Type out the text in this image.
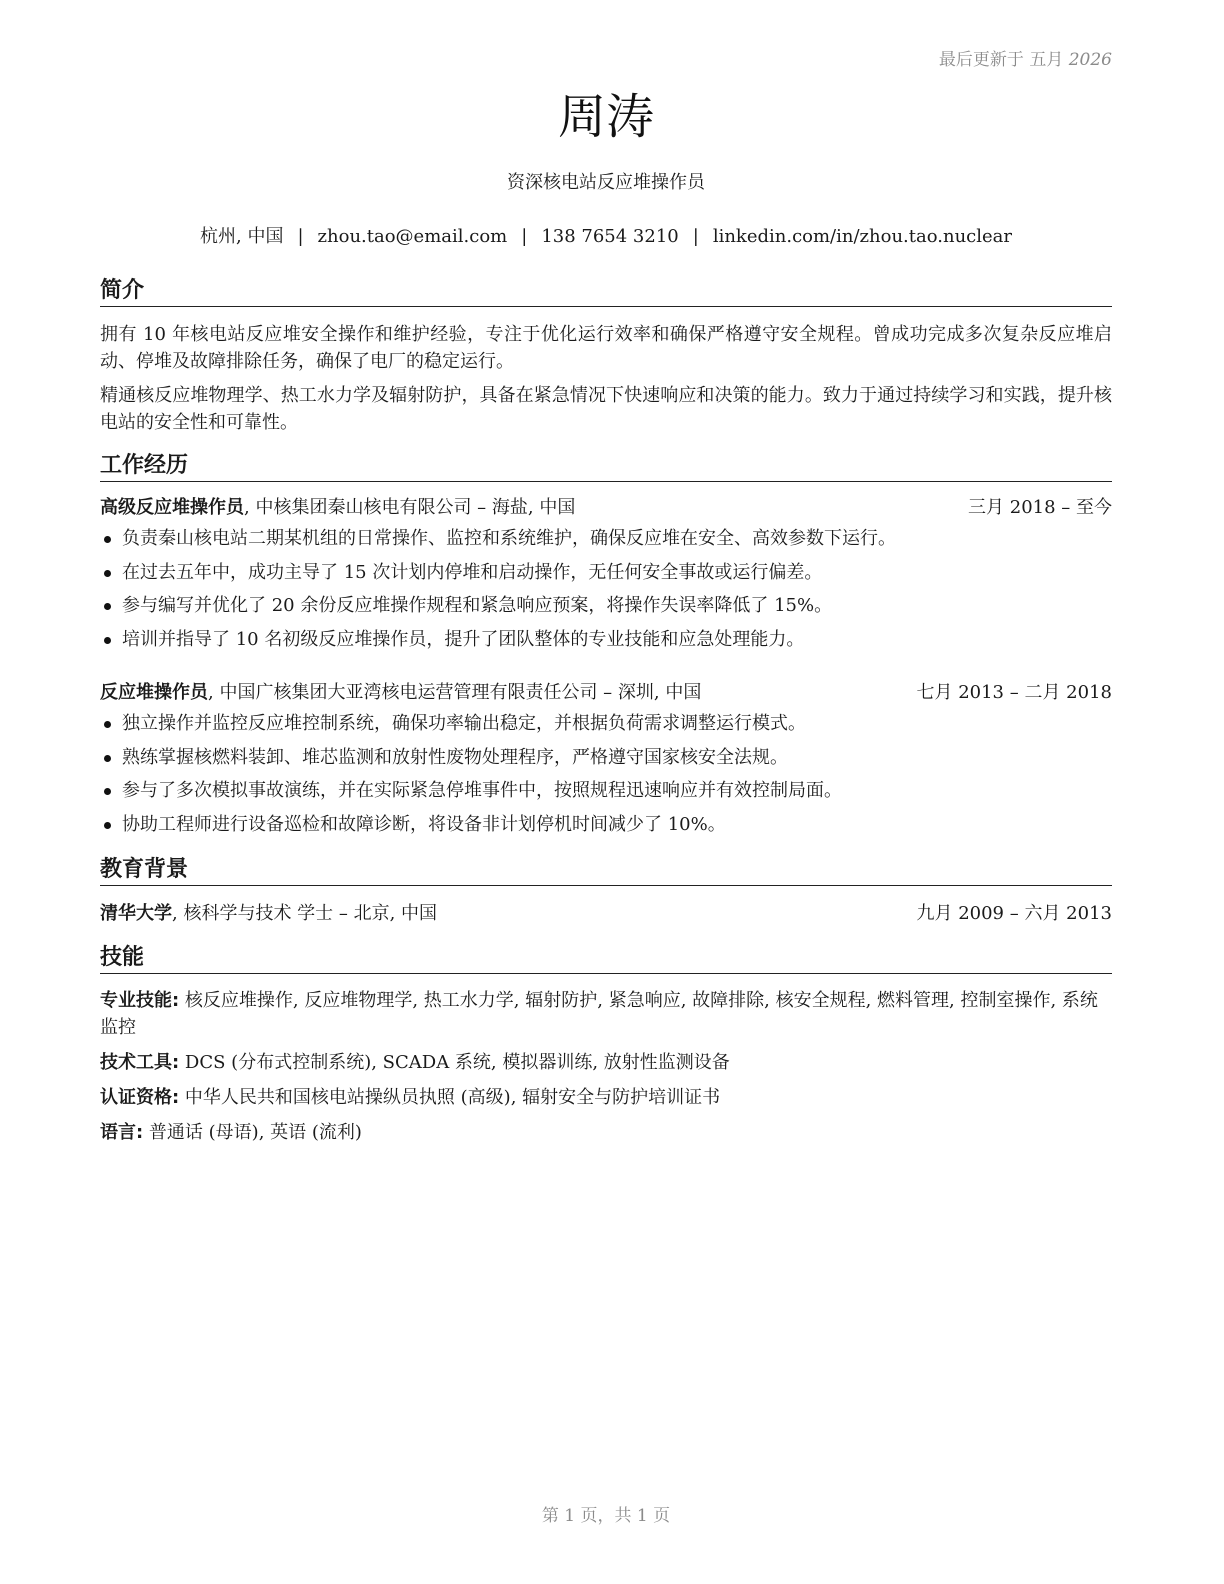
最后更新于 五月 2026
周涛
资深核电站反应堆操作员
杭州, 中国 | zhou.tao@email.com | 138 7654 3210 | linkedin.com/in/zhou.tao.nuclear
简介
拥有 10 年核电站反应堆安全操作和维护经验，专注于优化运行效率和确保严格遵守安全规程。曾成功完成多次复杂反应堆启动、停堆及故障排除任务，确保了电厂的稳定运行。
精通核反应堆物理学、热工水力学及辐射防护，具备在紧急情况下快速响应和决策的能力。致力于通过持续学习和实践，提升核电站的安全性和可靠性。
工作经历
高级反应堆操作员, 中核集团秦山核电有限公司 – 海盐, 中国	三月 2018 – 至今
负责秦山核电站二期某机组的日常操作、监控和系统维护，确保反应堆在安全、高效参数下运行。
在过去五年中，成功主导了 15 次计划内停堆和启动操作，无任何安全事故或运行偏差。
参与编写并优化了 20 余份反应堆操作规程和紧急响应预案，将操作失误率降低了 15%。
培训并指导了 10 名初级反应堆操作员，提升了团队整体的专业技能和应急处理能力。
反应堆操作员, 中国广核集团大亚湾核电运营管理有限责任公司 – 深圳, 中国	七月 2013 – 二月 2018
独立操作并监控反应堆控制系统，确保功率输出稳定，并根据负荷需求调整运行模式。
熟练掌握核燃料装卸、堆芯监测和放射性废物处理程序，严格遵守国家核安全法规。
参与了多次模拟事故演练，并在实际紧急停堆事件中，按照规程迅速响应并有效控制局面。
协助工程师进行设备巡检和故障诊断，将设备非计划停机时间减少了 10%。
教育背景
清华大学, 核科学与技术 学士 – 北京, 中国	九月 2009 – 六月 2013
技能
专业技能: 核反应堆操作, 反应堆物理学, 热工水力学, 辐射防护, 紧急响应, 故障排除, 核安全规程, 燃料管理, 控制室操作, 系统监控
技术工具: DCS (分布式控制系统), SCADA 系统, 模拟器训练, 放射性监测设备
认证资格: 中华人民共和国核电站操纵员执照 (高级), 辐射安全与防护培训证书
语言: 普通话 (母语), 英语 (流利)
第 1 页，共 1 页
